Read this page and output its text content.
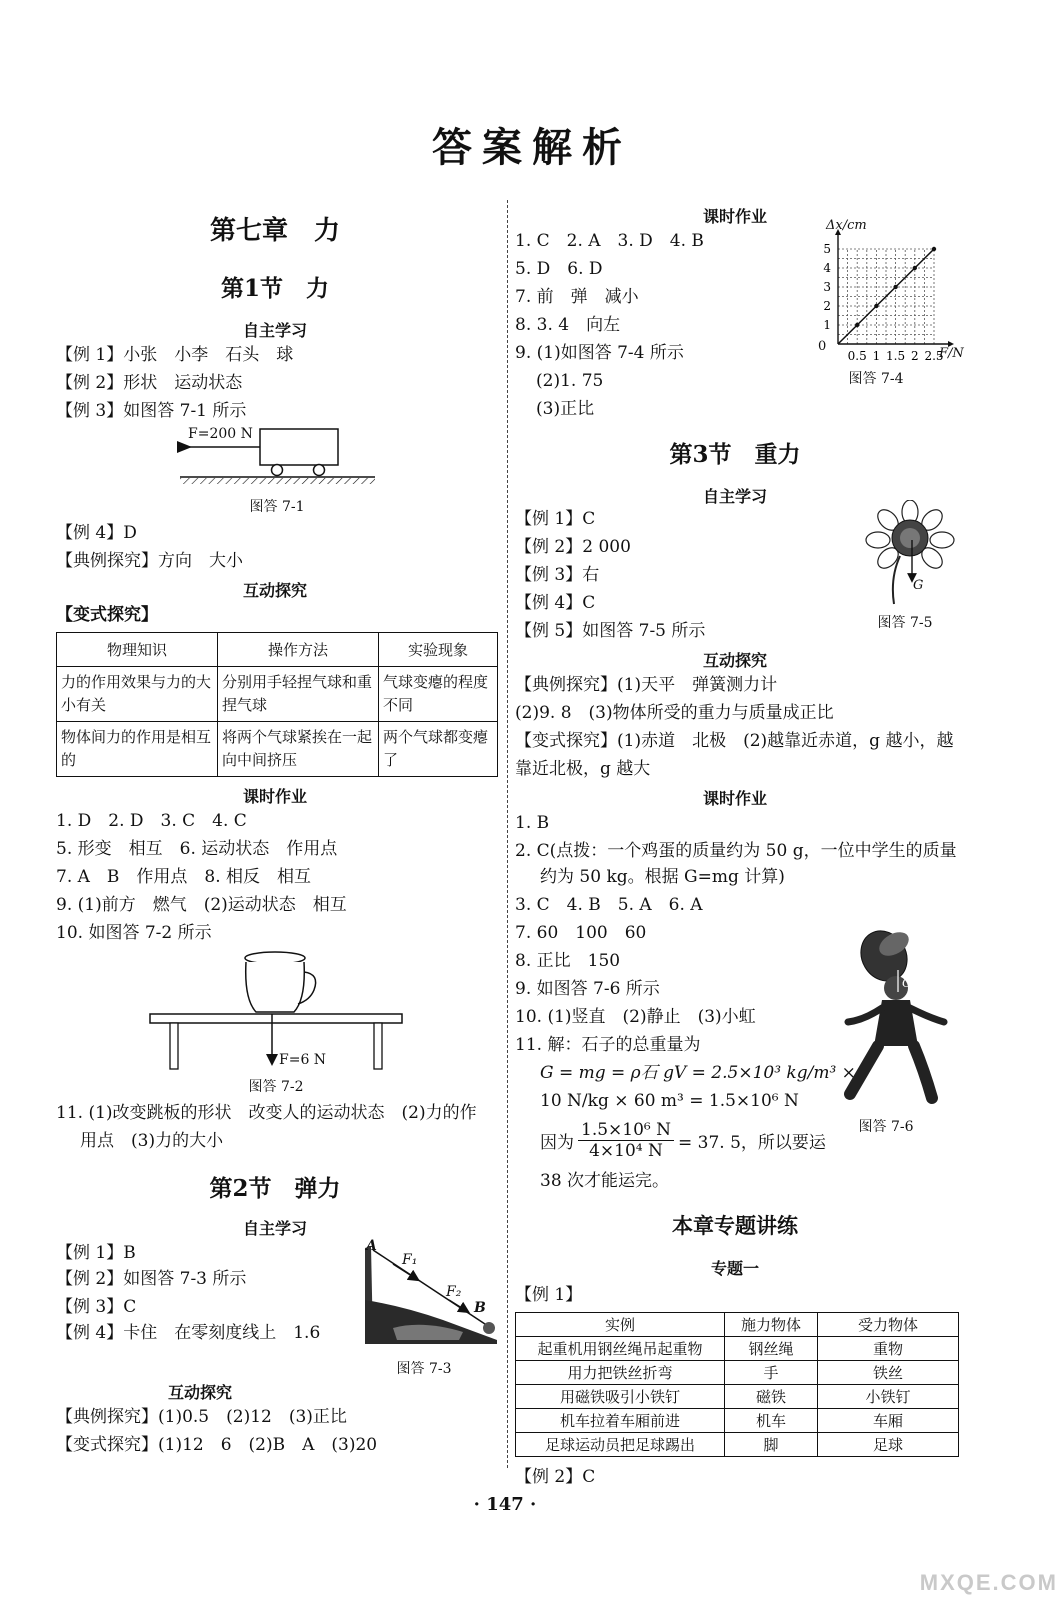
答案解析
第七章　力
第1节　力
自主学习
【例 1】小张　小李　石头　球
【例 2】形状　运动状态
【例 3】如图答 7-1 所示
F=200 N
图答 7-1
【例 4】D
【典例探究】方向　大小
互动探究
【变式探究】
物理知识	操作方法	实验现象
力的作用效果与力的大小有关	分别用手轻捏气球和重捏气球	气球变瘪的程度不同
物体间力的作用是相互的	将两个气球紧挨在一起向中间挤压	两个气球都变瘪了
课时作业
1. D　2. D　3. C　4. C
5. 形变　相互　6. 运动状态　作用点
7. A　B　作用点　8. 相反　相互
9. (1)前方　燃气　(2)运动状态　相互
10. 如图答 7-2 所示
F=6 N
图答 7-2
11. (1)改变跳板的形状　改变人的运动状态　(2)力的作
用点　(3)力的大小
第2节　弹力
自主学习
【例 1】B
【例 2】如图答 7-3 所示
【例 3】C
【例 4】卡住　在零刻度线上　1.6
A
F₁
F₂
B
图答 7-3
互动探究
【典例探究】(1)0.5　(2)12　(3)正比
【变式探究】(1)12　6　(2)B　A　(3)20
课时作业
1. C　2. A　3. D　4. B
5. D　6. D
7. 前　弹　减小
8. 3. 4　向左
9. (1)如图答 7-4 所示
(2)1. 75
(3)正比
0.5 1 1.5 2 2.5
1
2
3
4
5
Δx/cm
F/N
0
图答 7-4
第3节　重力
自主学习
【例 1】C
【例 2】2 000
【例 3】右
【例 4】C
【例 5】如图答 7-5 所示
G
图答 7-5
互动探究
【典例探究】(1)天平　弹簧测力计
(2)9. 8　(3)物体所受的重力与质量成正比
【变式探究】(1)赤道　北极　(2)越靠近赤道，g 越小，越
靠近北极，g 越大
课时作业
1. B
2. C(点拨：一个鸡蛋的质量约为 50 g，一位中学生的质量
约为 50 kg。根据 G=mg 计算)
3. C　4. B　5. A　6. A
7. 60　100　60
8. 正比　150
9. 如图答 7-6 所示
10. (1)竖直　(2)静止　(3)小虹
11. 解：石子的总重量为
G = mg = ρ石 gV = 2.5×10³ kg/m³ ×
10 N/kg × 60 m³ = 1.5×10⁶ N
因为 $\frac{\text{1.5×10⁶ N}}{\text{4×10⁴ N}} = 37$. 5，所以要运
38 次才能运完。
G
图答 7-6
本章专题讲练
专题一
【例 1】
实例	施力物体	受力物体
起重机用钢丝绳吊起重物	钢丝绳	重物
用力把铁丝折弯	手	铁丝
用磁铁吸引小铁钉	磁铁	小铁钉
机车拉着车厢前进	机车	车厢
足球运动员把足球踢出	脚	足球
【例 2】C
· 147 ·
MXQE.COM
